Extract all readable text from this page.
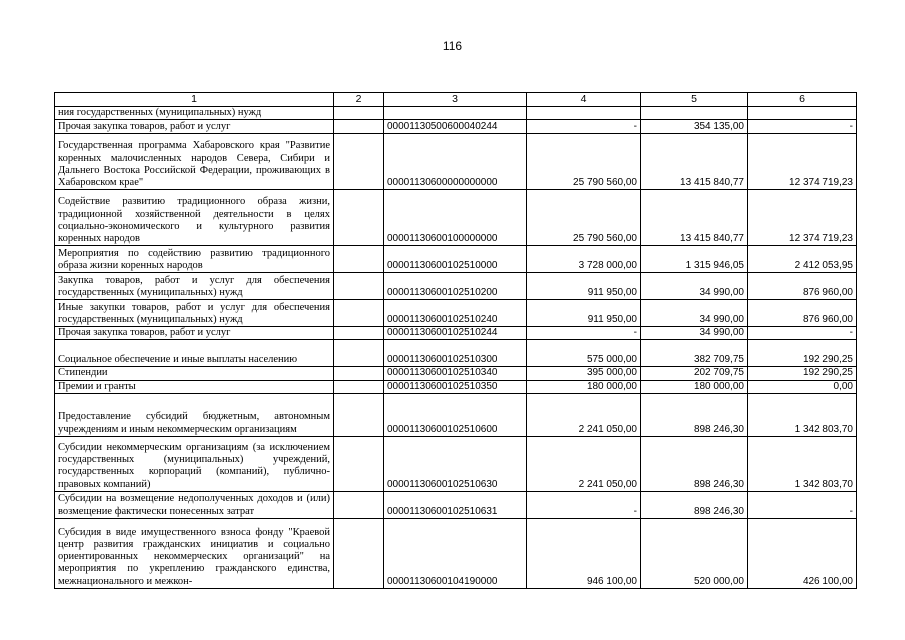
116
1	2	3	4	5	6
ния государственных (муниципальных) нужд					
Прочая закупка товаров, работ и услуг		00001130500600040244	-	354 135,00	-
Государственная программа Хабаровского края "Развитие коренных малочисленных народов Севера, Сибири и Дальнего Востока Российской Федерации, проживающих в Хабаровском крае"		00001130600000000000	25 790 560,00	13 415 840,77	12 374 719,23
Содействие развитию традиционного образа жизни, традиционной хозяйственной деятельности в целях социально-экономического и культурного развития коренных народов		00001130600100000000	25 790 560,00	13 415 840,77	12 374 719,23
Мероприятия по содействию развитию традиционного образа жизни коренных народов		00001130600102510000	3 728 000,00	1 315 946,05	2 412 053,95
Закупка товаров, работ и услуг для обеспечения государственных (муниципальных) нужд		00001130600102510200	911 950,00	34 990,00	876 960,00
Иные закупки товаров, работ и услуг для обеспечения государственных (муниципальных) нужд		00001130600102510240	911 950,00	34 990,00	876 960,00
Прочая закупка товаров, работ и услуг		00001130600102510244	-	34 990,00	-
Социальное обеспечение и иные выплаты населению		00001130600102510300	575 000,00	382 709,75	192 290,25
Стипендии		00001130600102510340	395 000,00	202 709,75	192 290,25
Премии и гранты		00001130600102510350	180 000,00	180 000,00	0,00
Предоставление субсидий бюджетным, автономным учреждениям и иным некоммерческим организациям		00001130600102510600	2 241 050,00	898 246,30	1 342 803,70
Субсидии некоммерческим организациям (за исключением государственных (муниципальных) учреждений, государственных корпораций (компаний), публично-правовых компаний)		00001130600102510630	2 241 050,00	898 246,30	1 342 803,70
Субсидии на возмещение недополученных доходов и (или) возмещение фактически понесенных затрат		00001130600102510631	-	898 246,30	-
Субсидия в виде имущественного взноса фонду "Краевой центр развития гражданских инициатив и социально ориентированных некоммерческих организаций" на мероприятия по укреплению гражданского единства, межнационального и межкон-		00001130600104190000	946 100,00	520 000,00	426 100,00
